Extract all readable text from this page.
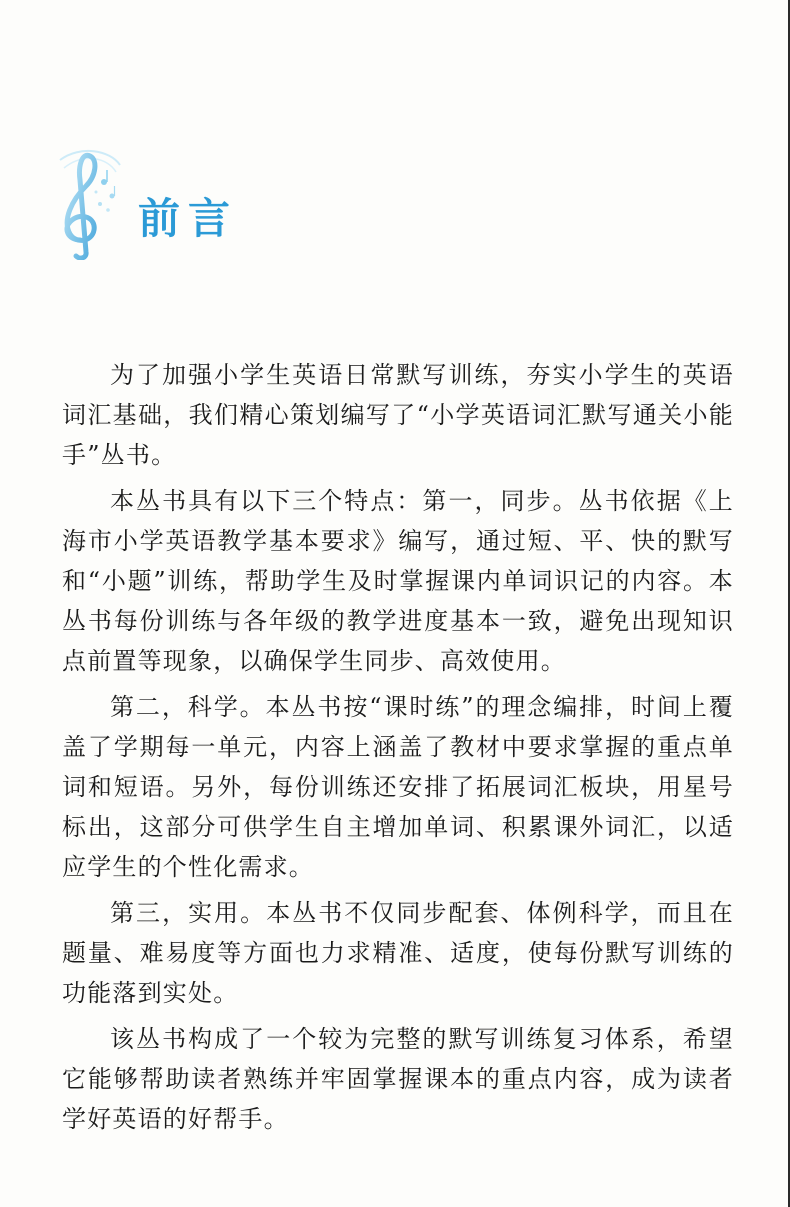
前言

为了加强小学生英语日常默写训练，夯实小学生的英语词汇基础，我们精心策划编写了“小学英语词汇默写通关小能手”丛书。

本丛书具有以下三个特点：第一，同步。丛书依据《上海市小学英语教学基本要求》编写，通过短、平、快的默写和“小题”训练，帮助学生及时掌握课内单词识记的内容。本丛书每份训练与各年级的教学进度基本一致，避免出现知识点前置等现象，以确保学生同步、高效使用。

第二，科学。本丛书按“课时练”的理念编排，时间上覆盖了学期每一单元，内容上涵盖了教材中要求掌握的重点单词和短语。另外，每份训练还安排了拓展词汇板块，用星号标出，这部分可供学生自主增加单词、积累课外词汇，以适应学生的个性化需求。

第三，实用。本丛书不仅同步配套、体例科学，而且在题量、难易度等方面也力求精准、适度，使每份默写训练的功能落到实处。

该丛书构成了一个较为完整的默写训练复习体系，希望它能够帮助读者熟练并牢固掌握课本的重点内容，成为读者学好英语的好帮手。
